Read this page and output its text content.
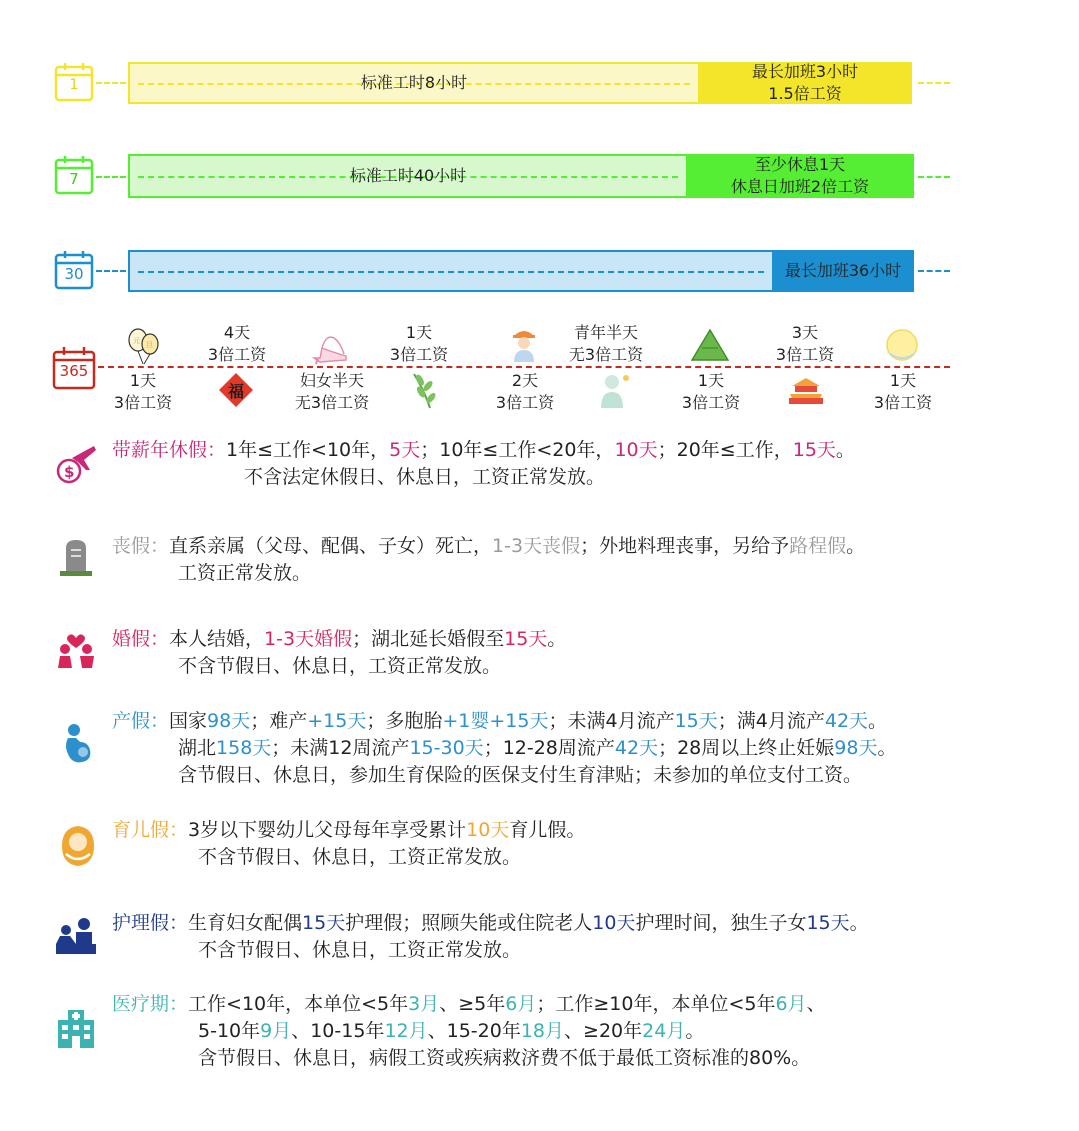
1	标准工时8小时
最长加班3小时
1.5倍工资
7	标准工时40小时
至少休息1天
休息日加班2倍工资
30	最长加班36小时
365
元 旦
1天
3倍工资
4天
3倍工资
福
妇女半天
无3倍工资
1天
3倍工资
2天
3倍工资
青年半天
无3倍工资
1天
3倍工资
3天
3倍工资
1天
3倍工资
$
带薪年休假：1年≤工作<10年，5天；10年≤工作<20年，10天；20年≤工作，15天。
不含法定休假日、休息日，工资正常发放。
丧假：直系亲属（父母、配偶、子女）死亡，1-3天丧假；外地料理丧事，另给予路程假。
工资正常发放。
婚假：本人结婚，1-3天婚假；湖北延长婚假至15天。
不含节假日、休息日，工资正常发放。
产假：国家98天；难产+15天；多胞胎+1婴+15天；未满4月流产15天；满4月流产42天。
湖北158天；未满12周流产15-30天；12-28周流产42天；28周以上终止妊娠98天。
含节假日、休息日，参加生育保险的医保支付生育津贴；未参加的单位支付工资。
育儿假：3岁以下婴幼儿父母每年享受累计10天育儿假。
不含节假日、休息日，工资正常发放。
护理假：生育妇女配偶15天护理假；照顾失能或住院老人10天护理时间，独生子女15天。
不含节假日、休息日，工资正常发放。
医疗期：工作<10年，本单位<5年3月、≥5年6月；工作≥10年，本单位<5年6月、
5-10年9月、10-15年12月、15-20年18月、≥20年24月。
含节假日、休息日，病假工资或疾病救济费不低于最低工资标准的80%。
